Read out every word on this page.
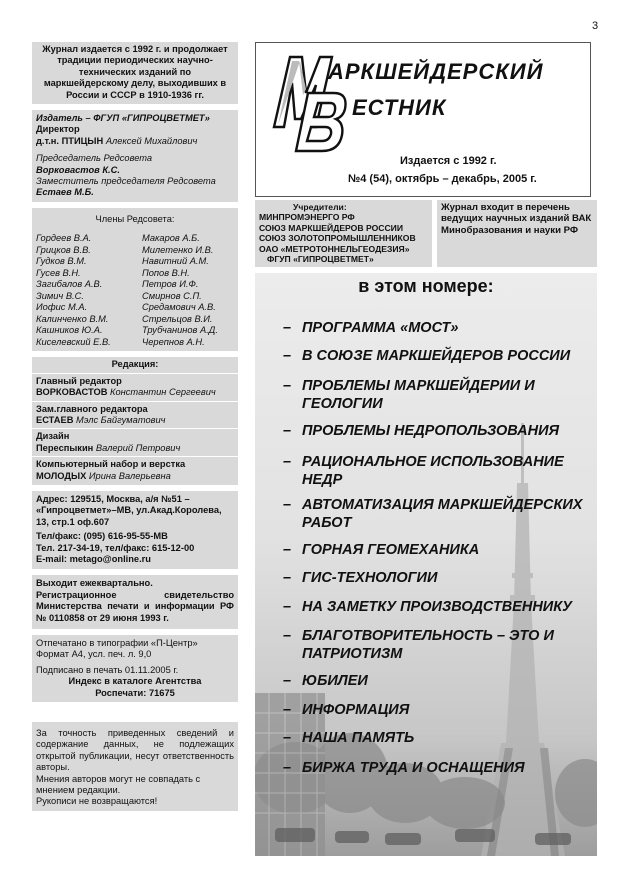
3
Журнал издается с 1992 г. и продолжает традиции периодических научно-технических изданий по маркшейдерскому делу, выходивших в России и СССР в 1910-1936 гг.
Издатель – ФГУП «ГИПРОЦВЕТМЕТ»
Директор
д.т.н. ПТИЦЫН Алексей Михайлович
Председатель Редсовета
Ворковастов К.С.
Заместитель председателя Редсовета
Естаев М.Б.
Члены Редсовета:
Гордеев В.А.
Грицков В.В.
Гудков В.М.
Гусев В.Н.
Загибалов А.В.
Зимич В.С.
Иофис М.А.
Калинченко В.М.
Кашников Ю.А.
Киселевский Е.В.
Макаров А.Б.
Милетенко И.В.
Навитний А.М.
Попов В.Н.
Петров И.Ф.
Смирнов С.П.
Средамович А.В.
Стрельцов В.И.
Трубчанинов А.Д.
Черепнов А.Н.
Редакция:
Главный редактор
ВОРКОВАСТОВ Константин Сергеевич
Зам.главного редактора
ЕСТАЕВ Мэлс Байгуматович
Дизайн
Переспыкин Валерий Петрович
Компьютерный набор и верстка
МОЛОДЫХ Ирина Валерьевна
Адрес: 129515, Москва, а/я №51 – «Гипроцветмет»–МВ, ул.Акад.Королева, 13, стр.1 оф.607
Тел/факс: (095) 616-95-55-МВ
Тел. 217-34-19, тел/факс: 615-12-00
E-mail: metago@online.ru
Выходит ежеквартально.
Регистрационное свидетельство Министерства печати и информации РФ № 0110858 от 29 июня 1993 г.
Отпечатано в типографии «П-Центр»
Формат А4, усл. печ. л. 9,0
Подписано в печать 01.11.2005 г.
Индекс в каталоге Агентства
Роспечати: 71675
За точность приведенных сведений и содержание данных, не подлежащих открытой публикации, несут ответственность авторы.
Мнения авторов могут не совпадать с мнением редакции.
Рукописи не возвращаются!
АРКШЕЙДЕРСКИЙ
ЕСТНИК
Издается с 1992 г.
№4 (54), октябрь – декабрь, 2005 г.
Учредители:
МИНПРОМЭНЕРГО РФ
СОЮЗ МАРКШЕЙДЕРОВ РОССИИ
СОЮЗ ЗОЛОТОПРОМЫШЛЕННИКОВ
ОАО «МЕТРОТОННЕЛЬГЕОДЕЗИЯ»
ФГУП «ГИПРОЦВЕТМЕТ»
Журнал входит в перечень ведущих научных изданий ВАК Минобразования и науки РФ
в этом номере:
– ПРОГРАММА «МОСТ»
– В СОЮЗЕ МАРКШЕЙДЕРОВ РОССИИ
– ПРОБЛЕМЫ МАРКШЕЙДЕРИИ И ГЕОЛОГИИ
– ПРОБЛЕМЫ НЕДРОПОЛЬЗОВАНИЯ
– РАЦИОНАЛЬНОЕ ИСПОЛЬЗОВАНИЕ НЕДР
– АВТОМАТИЗАЦИЯ МАРКШЕЙДЕРСКИХ РАБОТ
– ГОРНАЯ ГЕОМЕХАНИКА
– ГИС-ТЕХНОЛОГИИ
– НА ЗАМЕТКУ ПРОИЗВОДСТВЕННИКУ
– БЛАГОТВОРИТЕЛЬНОСТЬ – ЭТО И ПАТРИОТИЗМ
– ЮБИЛЕИ
– ИНФОРМАЦИЯ
– НАША ПАМЯТЬ
– БИРЖА ТРУДА И ОСНАЩЕНИЯ
